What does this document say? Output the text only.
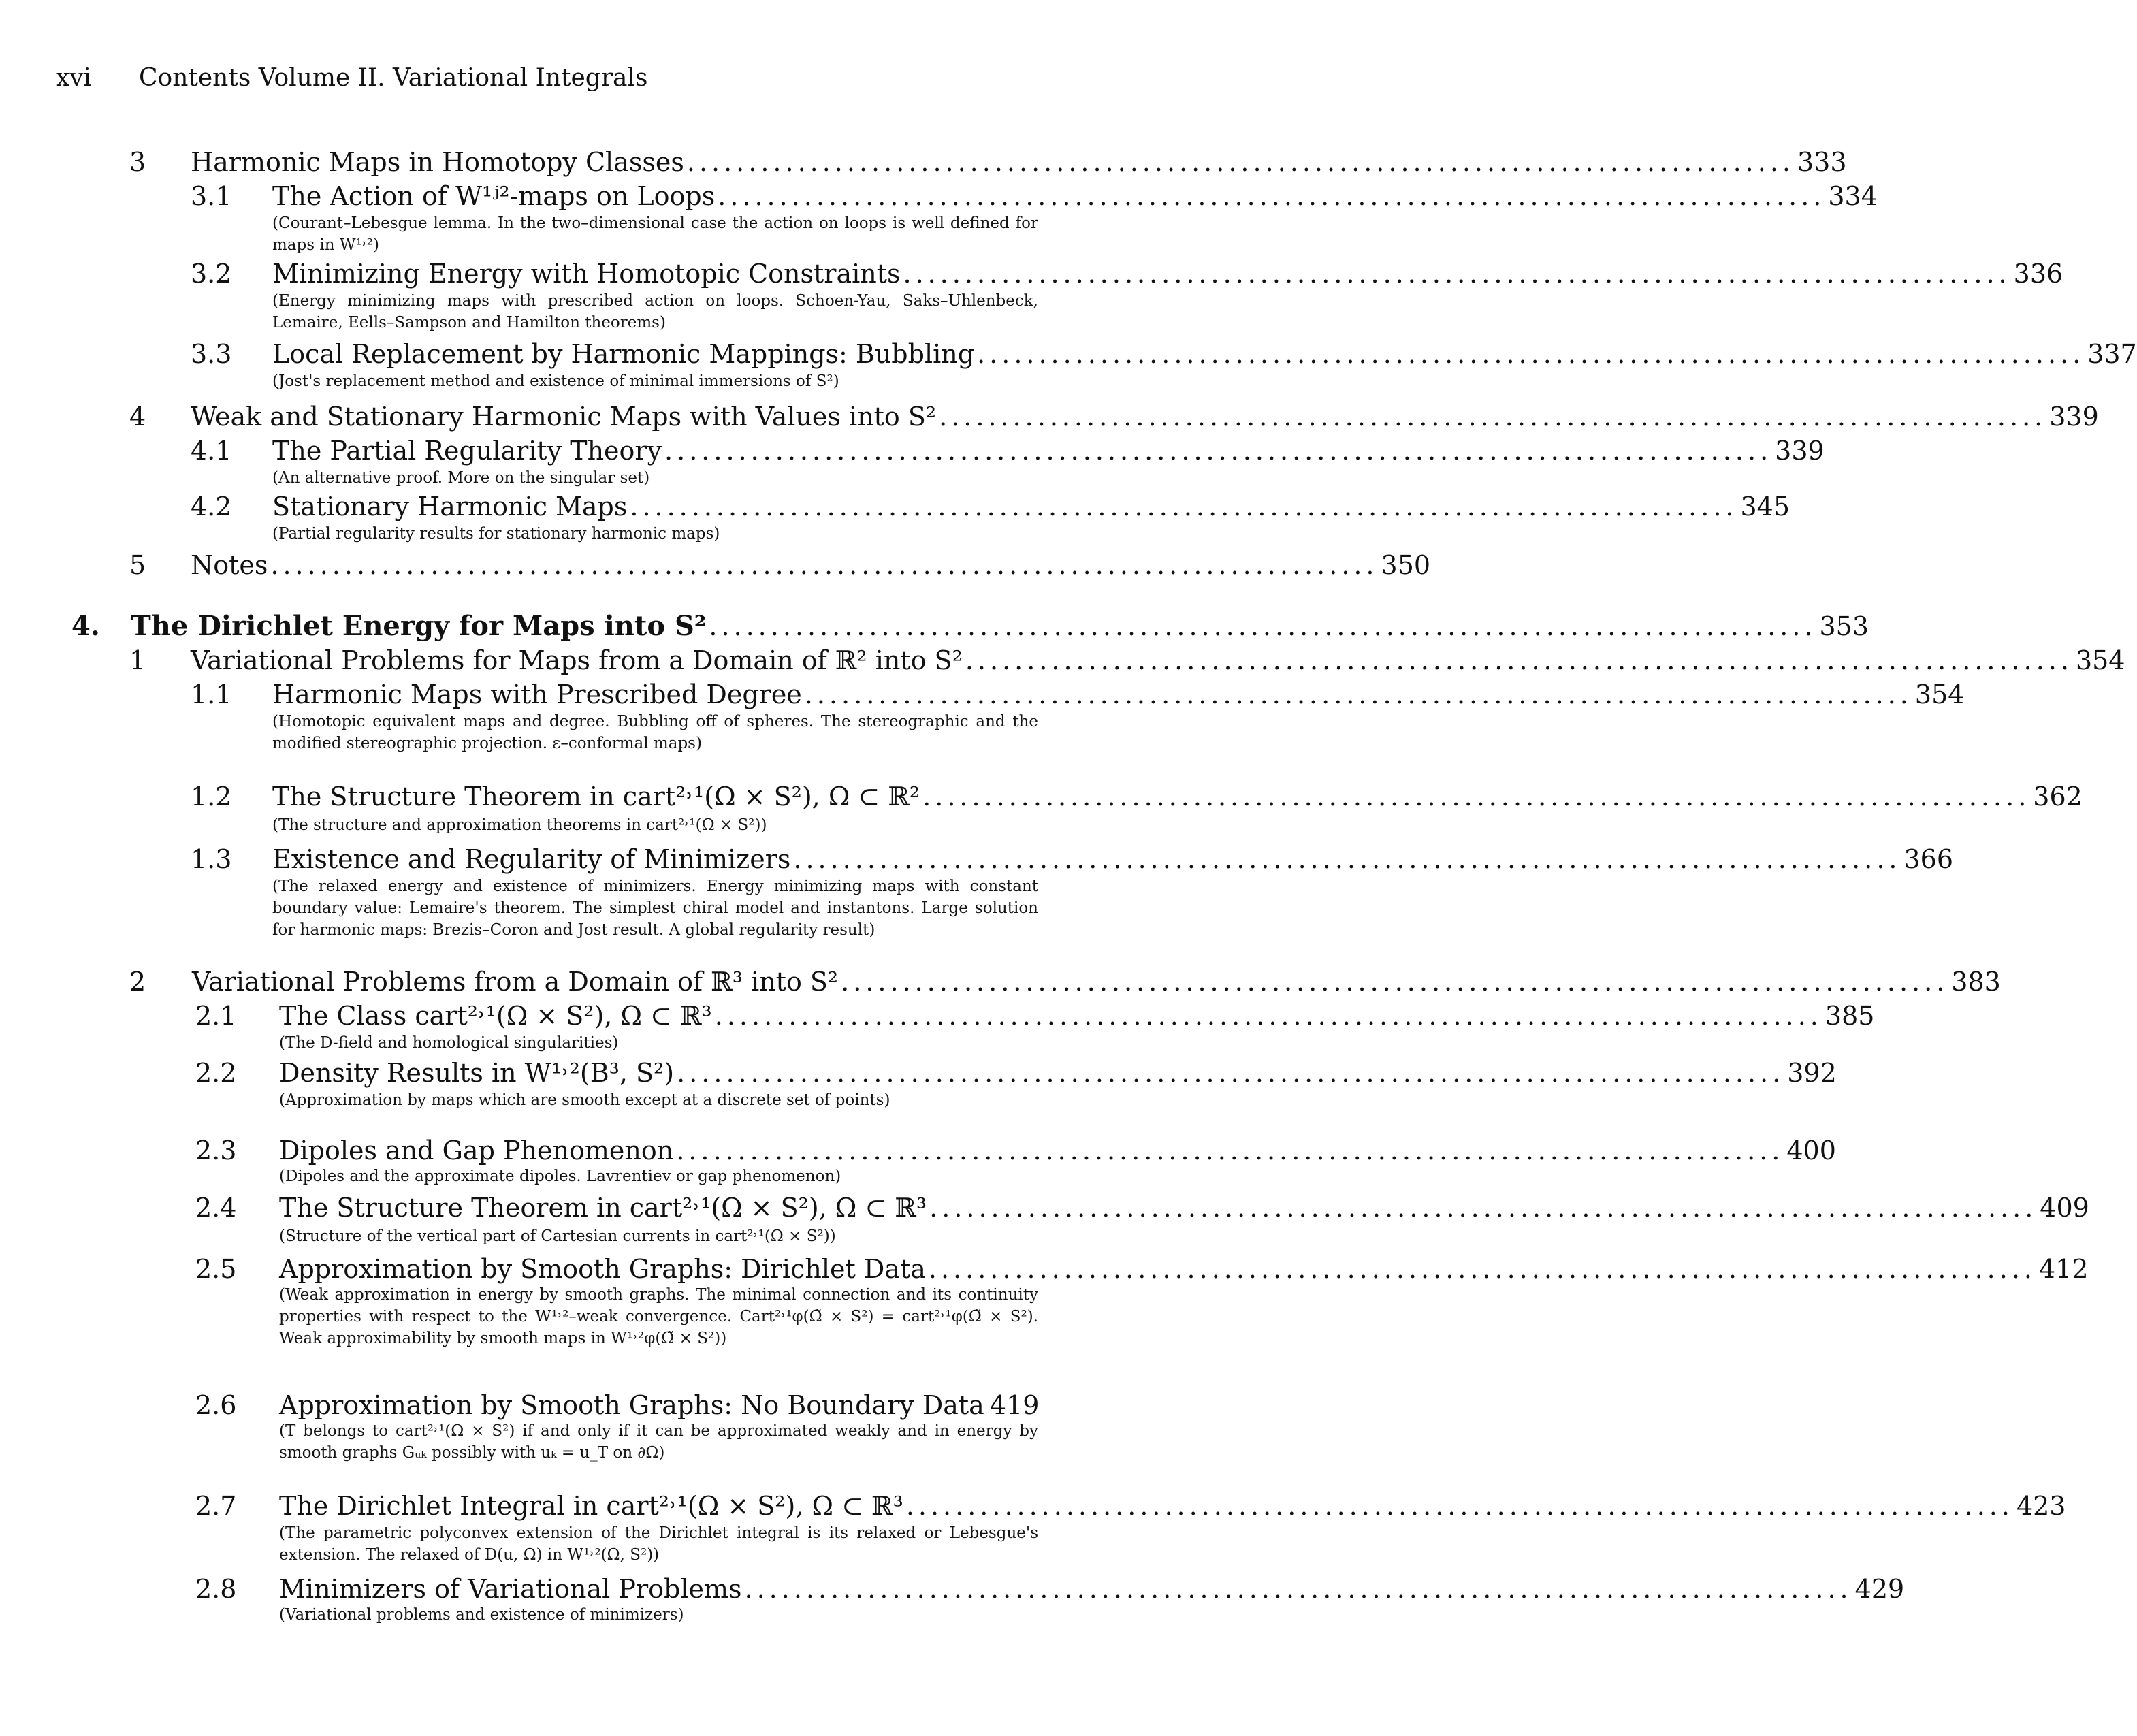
xvi Contents Volume II. Variational Integrals
3 Harmonic Maps in Homotopy Classes .......................................................................................... 333
3.1 The Action of W¹ʲ²-maps on Loops .......................................................................................... 334
(Courant–Lebesgue lemma. In the two–dimensional case the action on loops is well defined for maps in W¹˒²)
3.2 Minimizing Energy with Homotopic Constraints .......................................................................................... 336
(Energy minimizing maps with prescribed action on loops. Schoen-Yau, Saks–Uhlenbeck, Lemaire, Eells–Sampson and Hamilton theorems)
3.3 Local Replacement by Harmonic Mappings: Bubbling .......................................................................................... 337
(Jost's replacement method and existence of minimal immersions of S²)
4 Weak and Stationary Harmonic Maps with Values into S² .......................................................................................... 339
4.1 The Partial Regularity Theory .......................................................................................... 339
(An alternative proof. More on the singular set)
4.2 Stationary Harmonic Maps .......................................................................................... 345
(Partial regularity results for stationary harmonic maps)
5 Notes .......................................................................................... 350
4. The Dirichlet Energy for Maps into S² .......................................................................................... 353
1 Variational Problems for Maps from a Domain of ℝ² into S² .......................................................................................... 354
1.1 Harmonic Maps with Prescribed Degree .......................................................................................... 354
(Homotopic equivalent maps and degree. Bubbling off of spheres. The stereographic and the modified stereographic projection. ε–conformal maps)
1.2 The Structure Theorem in cart²˒¹(Ω × S²), Ω ⊂ ℝ² .......................................................................................... 362
(The structure and approximation theorems in cart²˒¹(Ω × S²))
1.3 Existence and Regularity of Minimizers .......................................................................................... 366
(The relaxed energy and existence of minimizers. Energy minimizing maps with constant boundary value: Lemaire's theorem. The simplest chiral model and instantons. Large solution for harmonic maps: Brezis–Coron and Jost result. A global regularity result)
2 Variational Problems from a Domain of ℝ³ into S² .......................................................................................... 383
2.1 The Class cart²˒¹(Ω × S²), Ω ⊂ ℝ³ .......................................................................................... 385
(The D-field and homological singularities)
2.2 Density Results in W¹˒²(B³, S²) .......................................................................................... 392
(Approximation by maps which are smooth except at a discrete set of points)
2.3 Dipoles and Gap Phenomenon .......................................................................................... 400
(Dipoles and the approximate dipoles. Lavrentiev or gap phenomenon)
2.4 The Structure Theorem in cart²˒¹(Ω × S²), Ω ⊂ ℝ³ .......................................................................................... 409
(Structure of the vertical part of Cartesian currents in cart²˒¹(Ω × S²))
2.5 Approximation by Smooth Graphs: Dirichlet Data .......................................................................................... 412
(Weak approximation in energy by smooth graphs. The minimal connection and its continuity properties with respect to the W¹˒²–weak convergence. Cart²˒¹φ(Ω̃ × S²) = cart²˒¹φ(Ω̃ × S²). Weak approximability by smooth maps in W¹˒²φ(Ω̃ × S²))
2.6 Approximation by Smooth Graphs: No Boundary Data 419
(T belongs to cart²˒¹(Ω × S²) if and only if it can be approximated weakly and in energy by smooth graphs Gᵤₖ possibly with uₖ = u_T on ∂Ω)
2.7 The Dirichlet Integral in cart²˒¹(Ω × S²), Ω ⊂ ℝ³ .......................................................................................... 423
(The parametric polyconvex extension of the Dirichlet integral is its relaxed or Lebesgue's extension. The relaxed of D(u, Ω) in W¹˒²(Ω, S²))
2.8 Minimizers of Variational Problems .......................................................................................... 429
(Variational problems and existence of minimizers)
